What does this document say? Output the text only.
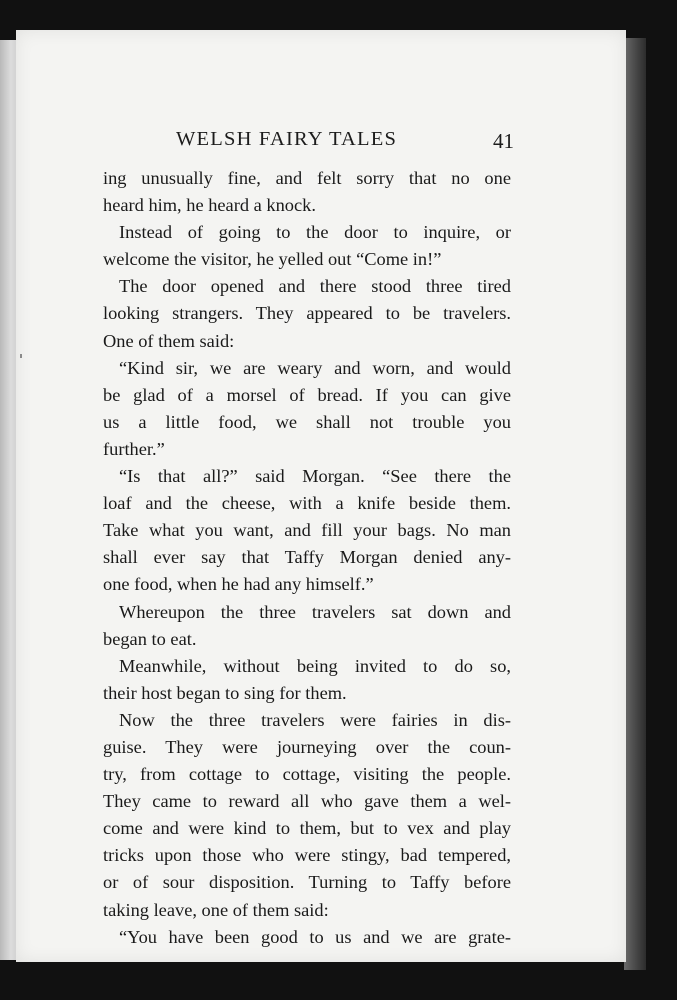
WELSH FAIRY TALES	41
ing unusually fine, and felt sorry that no one
heard him, he heard a knock.
Instead of going to the door to inquire, or
welcome the visitor, he yelled out “Come in!”
The door opened and there stood three tired
looking strangers. They appeared to be travelers.
One of them said:
“Kind sir, we are weary and worn, and would
be glad of a morsel of bread. If you can give
us a little food, we shall not trouble you
further.”
“Is that all?” said Morgan. “See there the
loaf and the cheese, with a knife beside them.
Take what you want, and fill your bags. No man
shall ever say that Taffy Morgan denied any-
one food, when he had any himself.”
Whereupon the three travelers sat down and
began to eat.
Meanwhile, without being invited to do so,
their host began to sing for them.
Now the three travelers were fairies in dis-
guise. They were journeying over the coun-
try, from cottage to cottage, visiting the people.
They came to reward all who gave them a wel-
come and were kind to them, but to vex and play
tricks upon those who were stingy, bad tempered,
or of sour disposition. Turning to Taffy before
taking leave, one of them said:
“You have been good to us and we are grate-
